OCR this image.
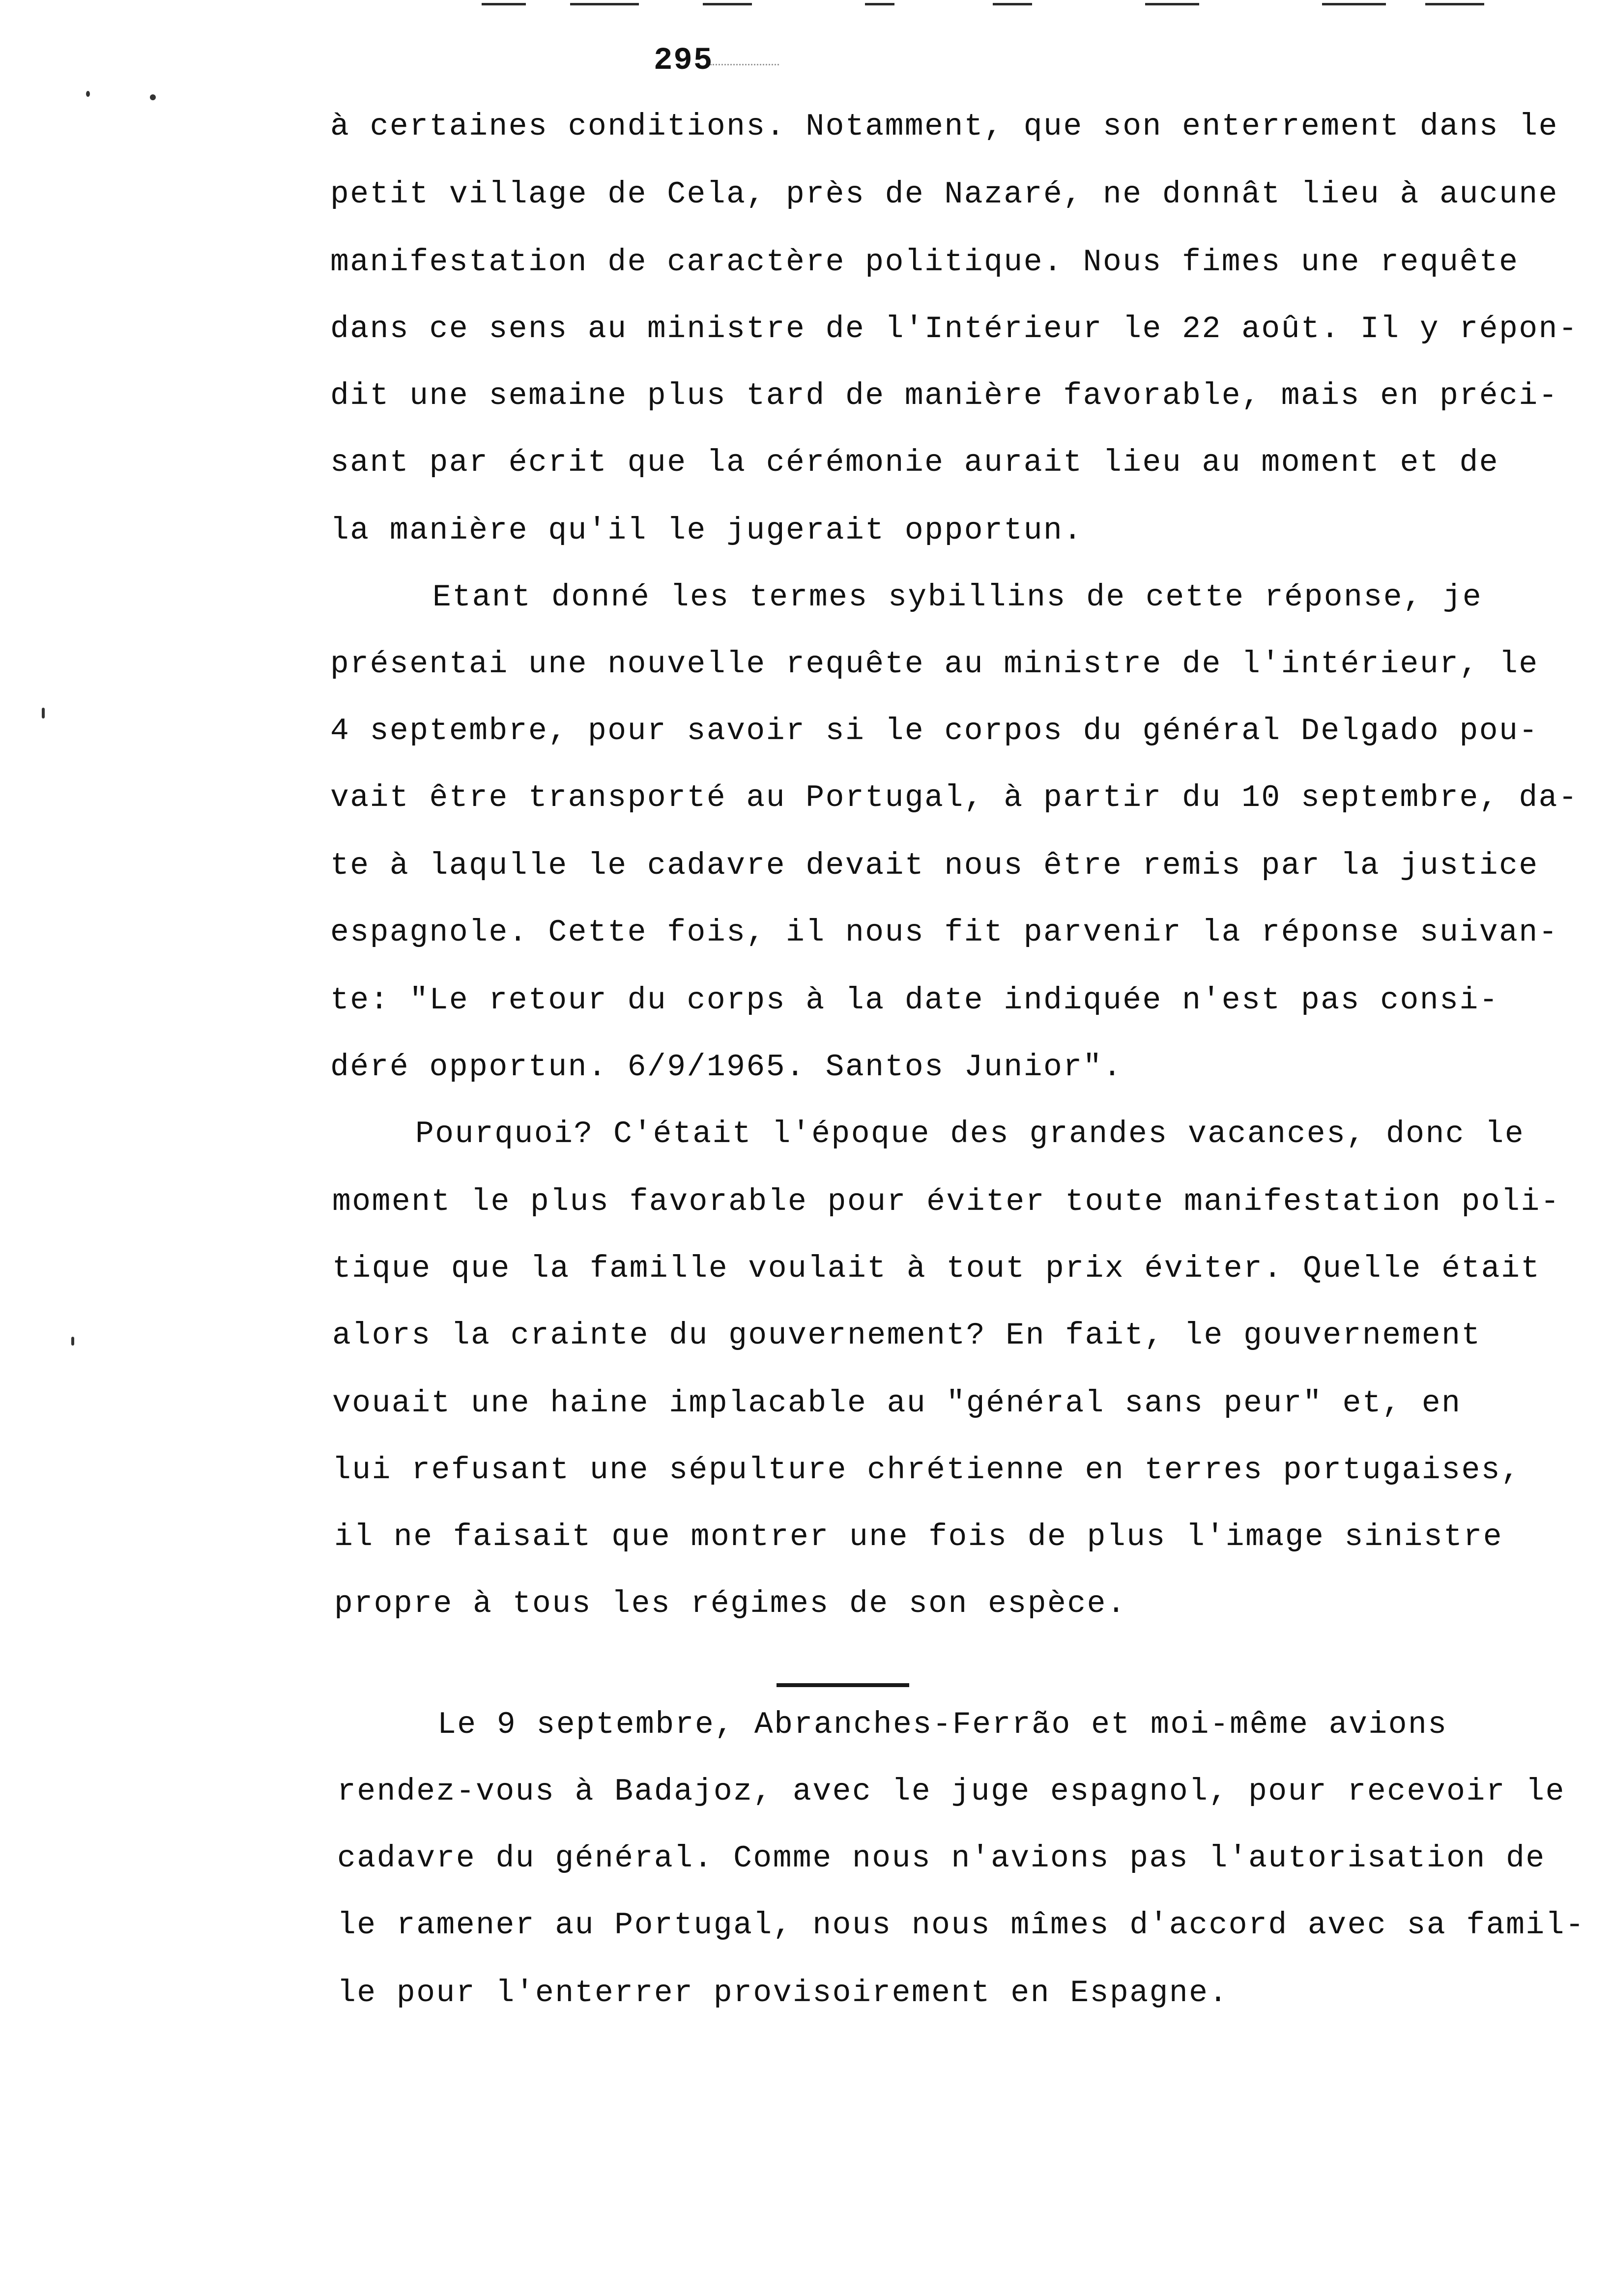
295

à certaines conditions. Notamment, que son enterrement dans le

petit village de Cela, près de Nazaré, ne donnât lieu à aucune

manifestation de caractère politique. Nous fimes une requête

dans ce sens au ministre de l'Intérieur le 22 août. Il y répon-

dit une semaine plus tard de manière favorable, mais en préci-

sant par écrit que la cérémonie aurait lieu au moment et de

la manière qu'il le jugerait opportun.

Etant donné les termes sybillins de cette réponse, je

présentai une nouvelle requête au ministre de l'intérieur, le

4 septembre, pour savoir si le corpos du général Delgado pou-

vait être transporté au Portugal, à partir du 10 septembre, da-

te à laqulle le cadavre devait nous être remis par la justice

espagnole. Cette fois, il nous fit parvenir la réponse suivan-

te: "Le retour du corps à la date indiquée n'est pas consi-

déré opportun. 6/9/1965. Santos Junior".

Pourquoi? C'était l'époque des grandes vacances, donc le

moment le plus favorable pour éviter toute manifestation poli-

tique que la famille voulait à tout prix éviter. Quelle était

alors la crainte du gouvernement? En fait, le gouvernement

vouait une haine implacable au "général sans peur" et, en

lui refusant une sépulture chrétienne en terres portugaises,

il ne faisait que montrer une fois de plus l'image sinistre

propre à tous les régimes de son espèce.

Le 9 septembre, Abranches-Ferrão et moi-même avions

rendez-vous à Badajoz, avec le juge espagnol, pour recevoir le

cadavre du général. Comme nous n'avions pas l'autorisation de

le ramener au Portugal, nous nous mîmes d'accord avec sa famil-

le pour l'enterrer provisoirement en Espagne.
